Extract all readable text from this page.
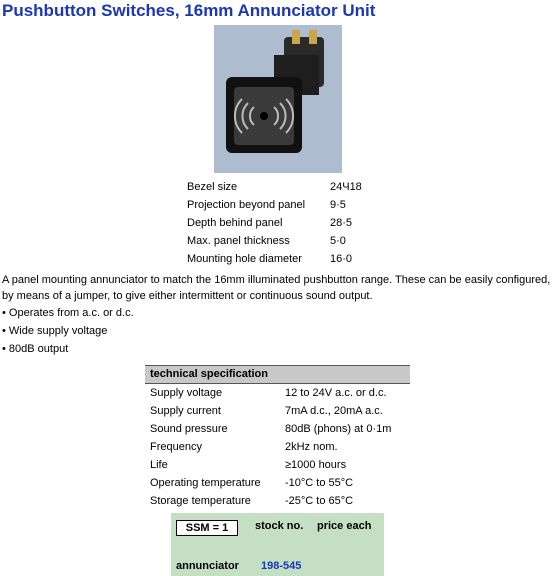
Pushbutton Switches, 16mm Annunciator Unit
Bezel size	24Ч18
Projection beyond panel 9·5
Depth behind panel	28·5
Max. panel thickness	5·0
Mounting hole diameter	16·0
A panel mounting annunciator to match the 16mm illuminated pushbutton range. These can be easily configured, by means of a jumper, to give either intermittent or continuous sound output.
• Operates from a.c. or d.c.
• Wide supply voltage
• 80dB output
technical specification
Supply voltage	12 to 24V a.c. or d.c.
Supply current	7mA d.c., 20mA a.c.
Sound pressure	80dB (phons) at 0·1m
Frequency	2kHz nom.
Life	≥1000 hours
Operating temperature -10°C to 55°C
Storage temperature	-25°C to 65°C
SSM = 1	stock no. price each
annunciator 198-545
